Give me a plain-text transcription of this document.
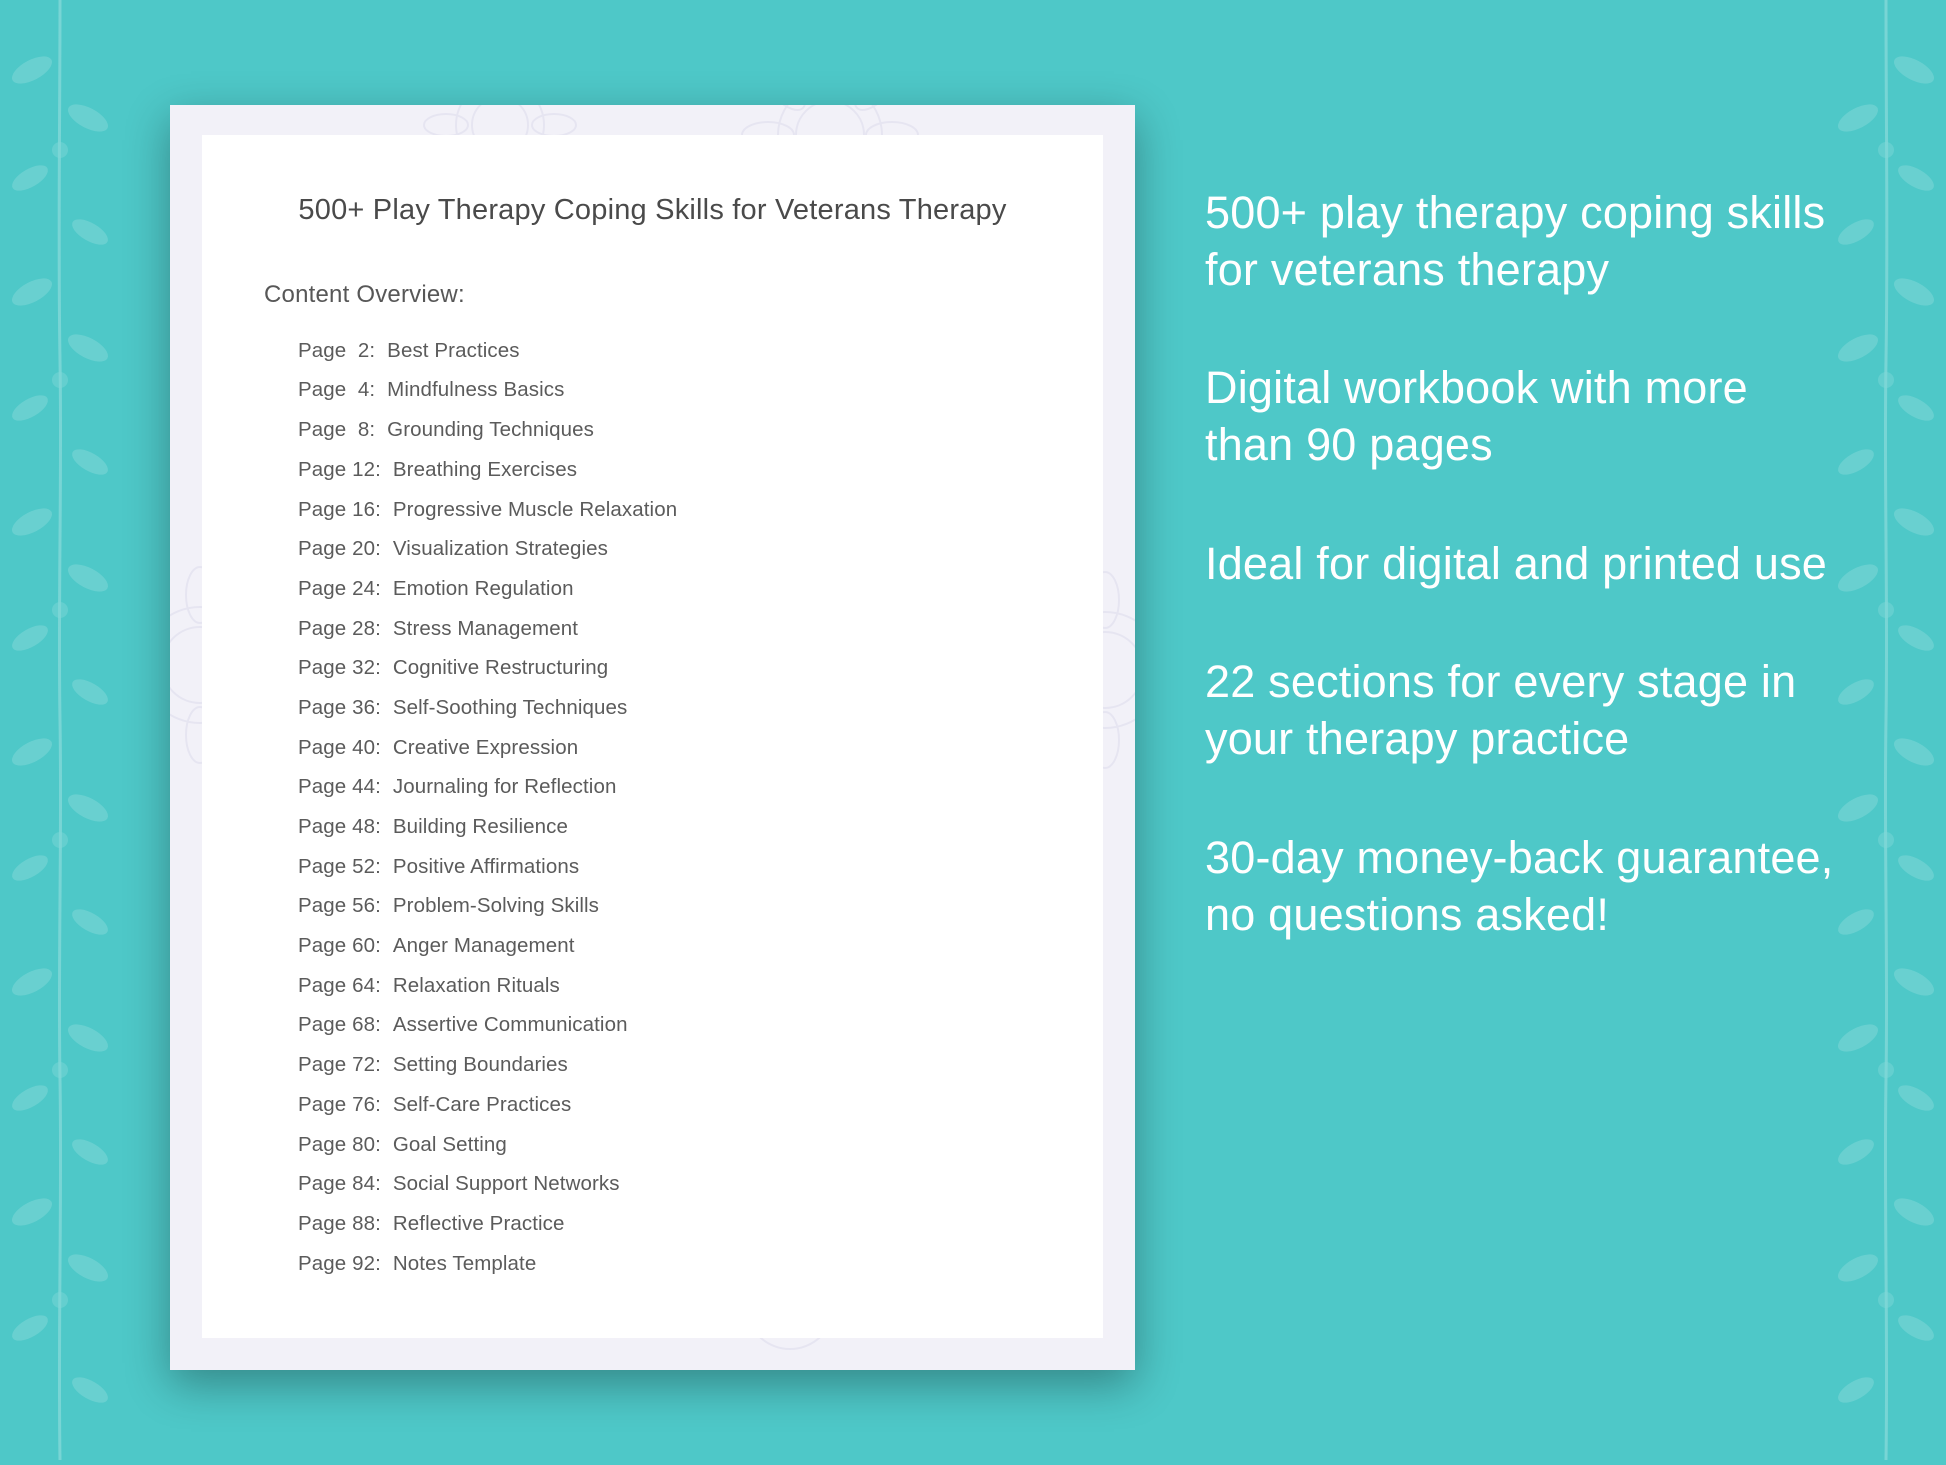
500+ Play Therapy Coping Skills for Veterans Therapy
Content Overview:
Page  2: Best Practices
Page  4: Mindfulness Basics
Page  8: Grounding Techniques
Page 12: Breathing Exercises
Page 16: Progressive Muscle Relaxation
Page 20: Visualization Strategies
Page 24: Emotion Regulation
Page 28: Stress Management
Page 32: Cognitive Restructuring
Page 36: Self-Soothing Techniques
Page 40: Creative Expression
Page 44: Journaling for Reflection
Page 48: Building Resilience
Page 52: Positive Affirmations
Page 56: Problem-Solving Skills
Page 60: Anger Management
Page 64: Relaxation Rituals
Page 68: Assertive Communication
Page 72: Setting Boundaries
Page 76: Self-Care Practices
Page 80: Goal Setting
Page 84: Social Support Networks
Page 88: Reflective Practice
Page 92: Notes Template

500+ play therapy coping skills for veterans therapy

Digital workbook with more than 90 pages

Ideal for digital and printed use

22 sections for every stage in your therapy practice

30-day money-back guarantee, no questions asked!
